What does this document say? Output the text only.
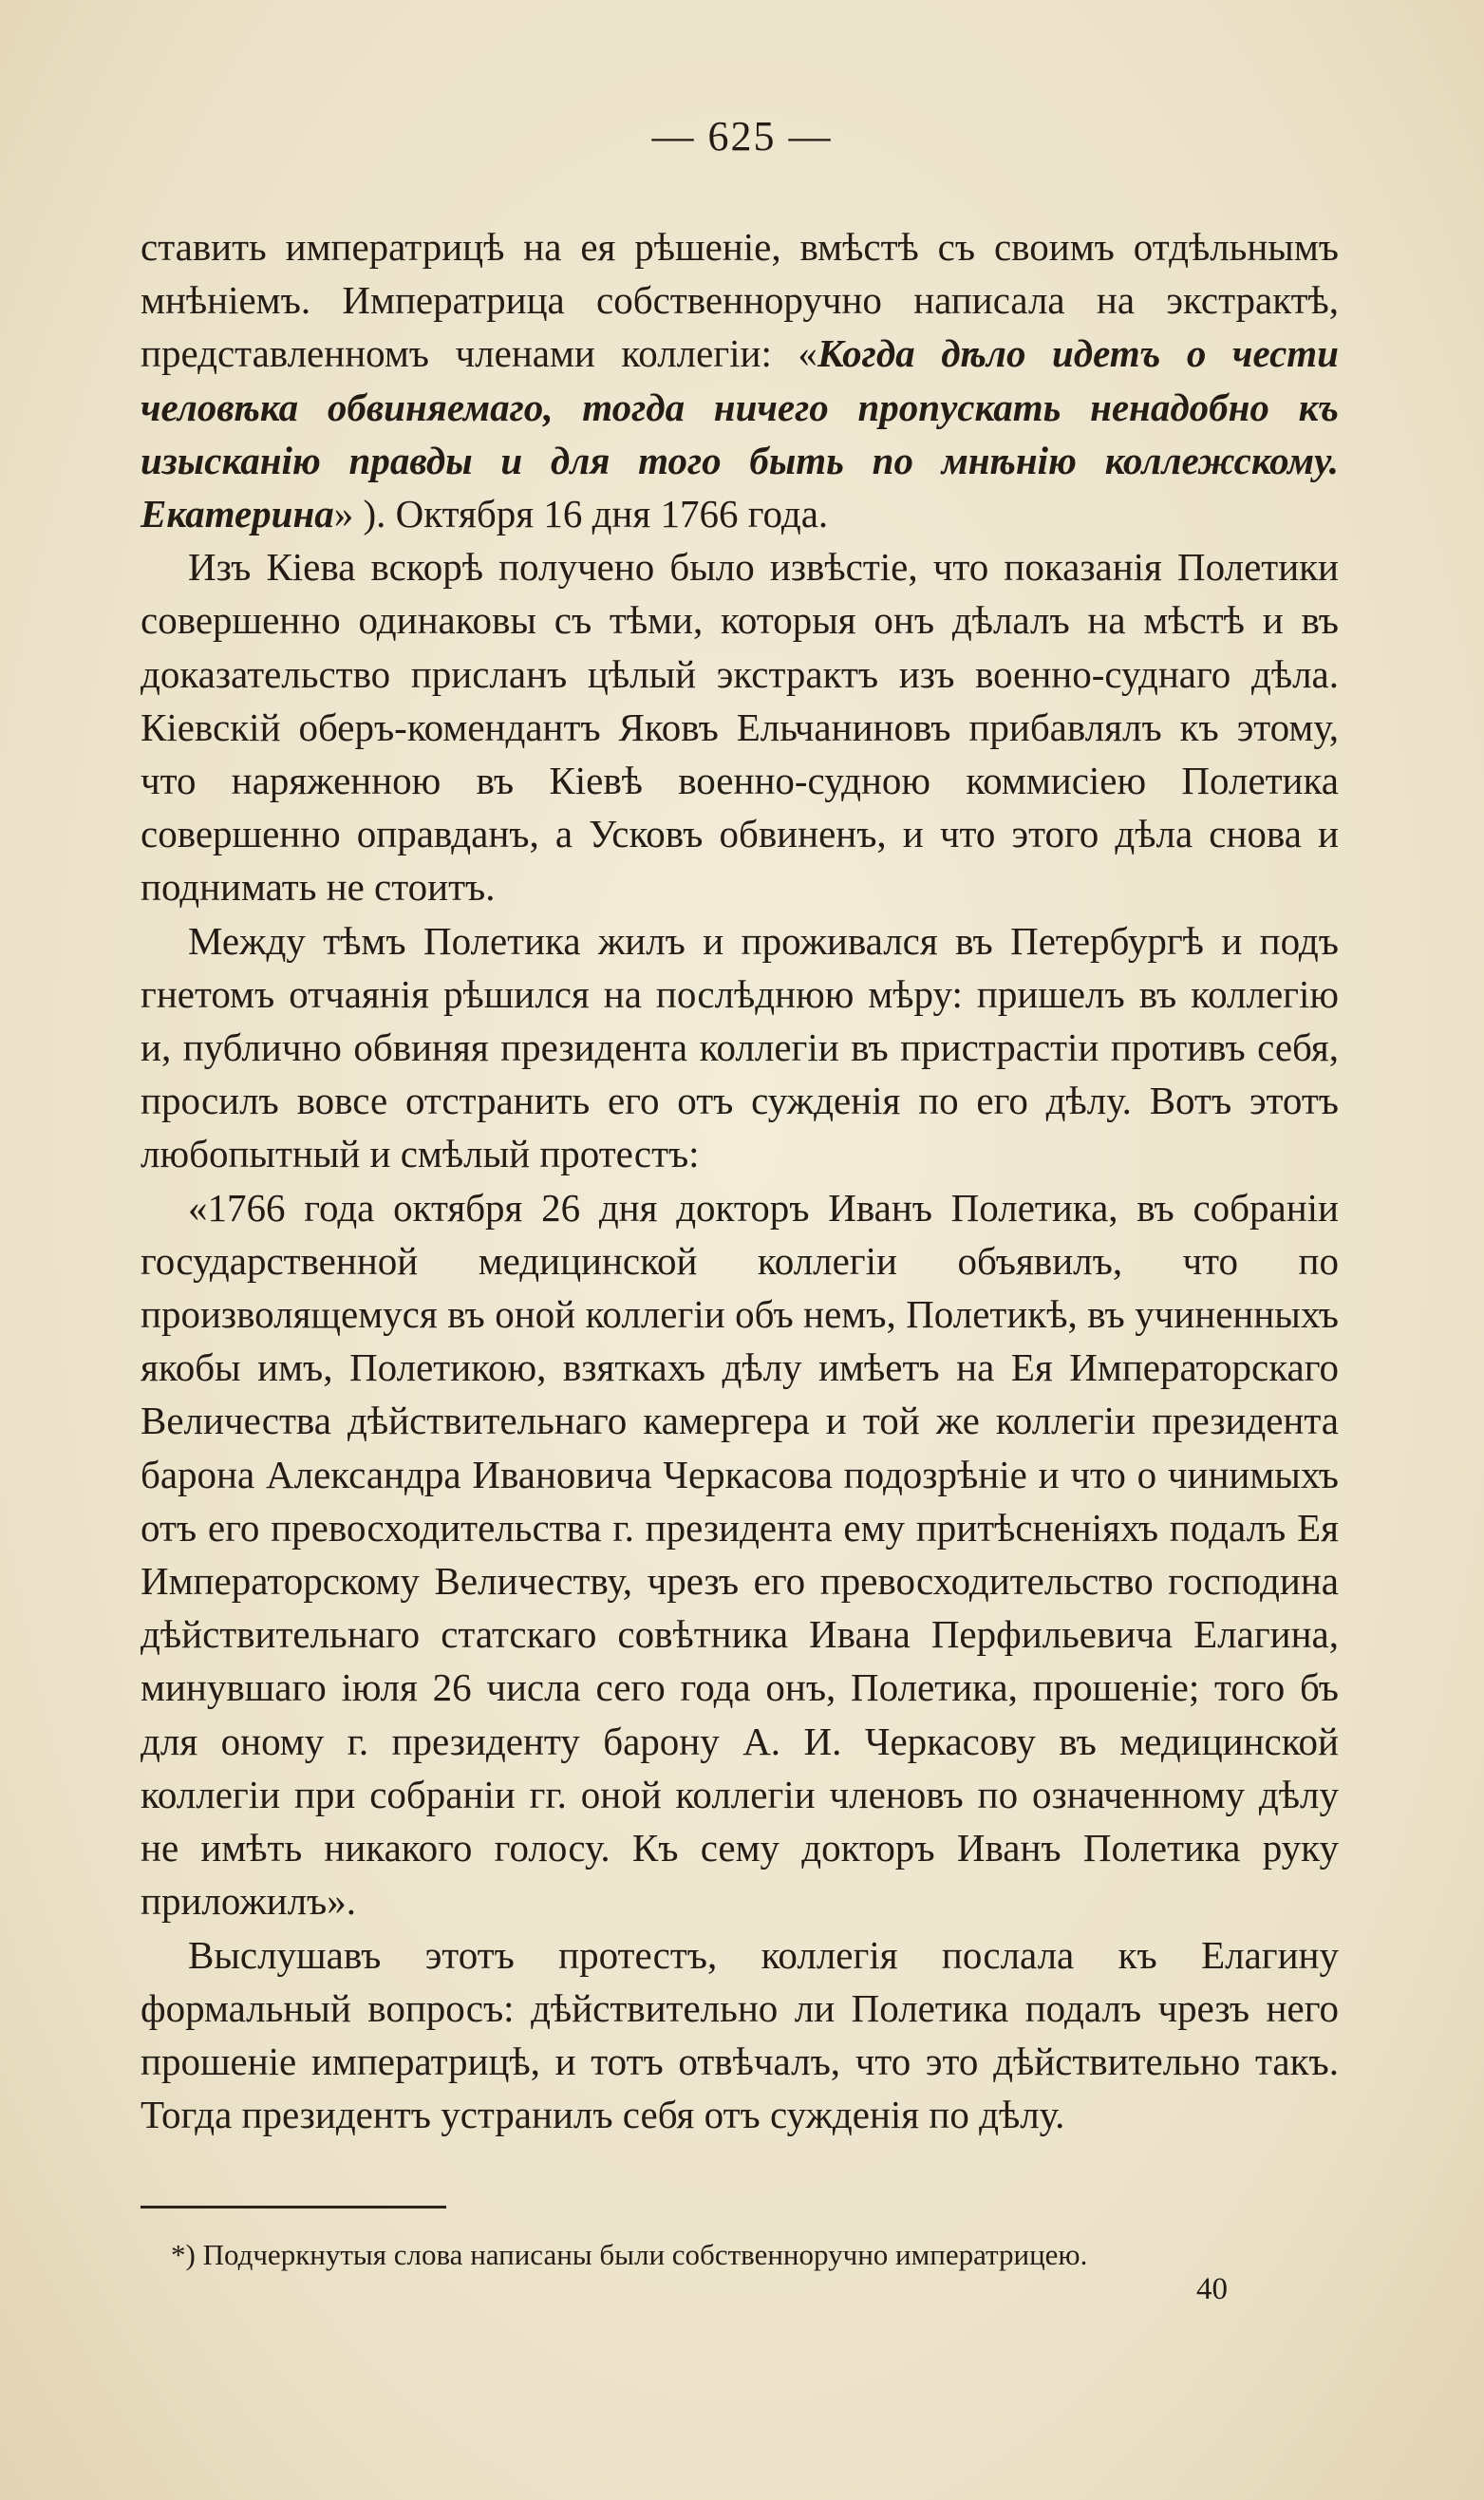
— 625 —

ставить императрицѣ на ея рѣшеніе, вмѣстѣ съ своимъ отдѣльнымъ мнѣніемъ. Императрица собственноручно написала на экстрактѣ, представленномъ членами коллегіи: «Когда дѣло идетъ о чести человѣка обвиняемаго, тогда ничего пропускать ненадобно къ изысканію правды и для того быть по мнѣнію коллежскому. Екатерина» ). Октября 16 дня 1766 года.

Изъ Кіева вскорѣ получено было извѣстіе, что показанія Полетики совершенно одинаковы съ тѣми, которыя онъ дѣлалъ на мѣстѣ и въ доказательство присланъ цѣлый экстрактъ изъ военно-суднаго дѣла. Кіевскій оберъ-комендантъ Яковъ Ельчаниновъ прибавлялъ къ этому, что наряженною въ Кіевѣ военно-судною коммисіею Полетика совершенно оправданъ, а Усковъ обвиненъ, и что этого дѣла снова и поднимать не стоитъ.

Между тѣмъ Полетика жилъ и проживался въ Петербургѣ и подъ гнетомъ отчаянія рѣшился на послѣднюю мѣру: пришелъ въ коллегію и, публично обвиняя президента коллегіи въ пристрастіи противъ себя, просилъ вовсе отстранить его отъ сужденія по его дѣлу. Вотъ этотъ любопытный и смѣлый протестъ:

«1766 года октября 26 дня докторъ Иванъ Полетика, въ собраніи государственной медицинской коллегіи объявилъ, что по произволящемуся въ оной коллегіи объ немъ, Полетикѣ, въ учиненныхъ якобы имъ, Полетикою, взяткахъ дѣлу имѣетъ на Ея Императорскаго Величества дѣйствительнаго камергера и той же коллегіи президента барона Александра Ивановича Черкасова подозрѣніе и что о чинимыхъ отъ его превосходительства г. президента ему притѣсненіяхъ подалъ Ея Императорскому Величеству, чрезъ его превосходительство господина дѣйствительнаго статскаго совѣтника Ивана Перфильевича Елагина, минувшаго іюля 26 числа сего года онъ, Полетика, прошеніе; того бъ для оному г. президенту барону А. И. Черкасову въ медицинской коллегіи при собраніи гг. оной коллегіи членовъ по означенному дѣлу не имѣть никакого голосу. Къ сему докторъ Иванъ Полетика руку приложилъ».

Выслушавъ этотъ протестъ, коллегія послала къ Елагину формальный вопросъ: дѣйствительно ли Полетика подалъ чрезъ него прошеніе императрицѣ, и тотъ отвѣчалъ, что это дѣйствительно такъ. Тогда президентъ устранилъ себя отъ сужденія по дѣлу.

*) Подчеркнутыя слова написаны были собственноручно императрицею.
40
